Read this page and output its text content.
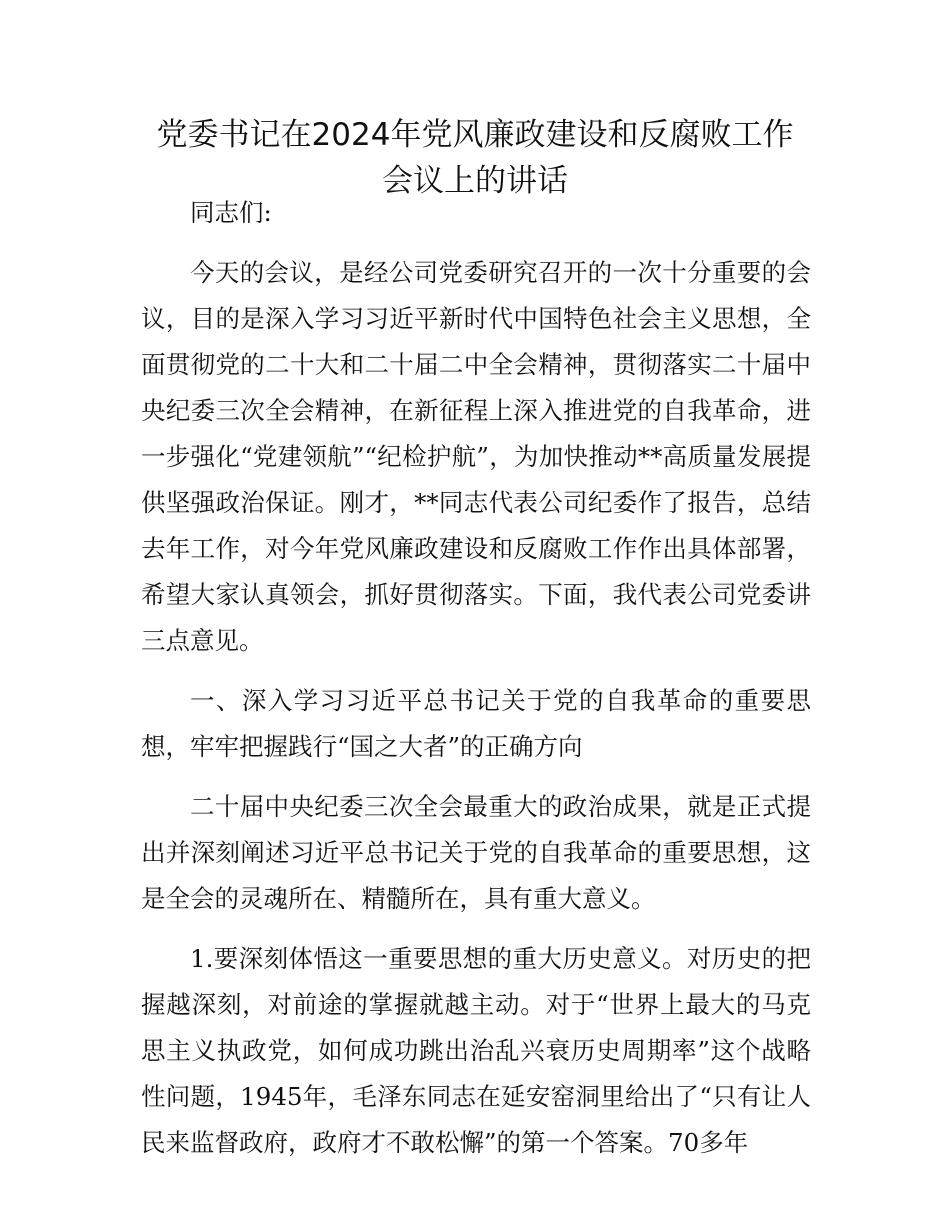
党委书记在2024年党风廉政建设和反腐败工作
会议上的讲话

同志们:

今天的会议，是经公司党委研究召开的一次十分重要的会议，目的是深入学习习近平新时代中国特色社会主义思想，全面贯彻党的二十大和二十届二中全会精神，贯彻落实二十届中央纪委三次全会精神，在新征程上深入推进党的自我革命，进一步强化“党建领航”“纪检护航”，为加快推动**高质量发展提供坚强政治保证。刚才，**同志代表公司纪委作了报告，总结去年工作，对今年党风廉政建设和反腐败工作作出具体部署，希望大家认真领会，抓好贯彻落实。下面，我代表公司党委讲三点意见。

一、深入学习习近平总书记关于党的自我革命的重要思想，牢牢把握践行“国之大者”的正确方向

二十届中央纪委三次全会最重大的政治成果，就是正式提出并深刻阐述习近平总书记关于党的自我革命的重要思想，这是全会的灵魂所在、精髓所在，具有重大意义。

1.要深刻体悟这一重要思想的重大历史意义。对历史的把握越深刻，对前途的掌握就越主动。对于“世界上最大的马克思主义执政党，如何成功跳出治乱兴衰历史周期率”这个战略性问题，1945年，毛泽东同志在延安窑洞里给出了“只有让人民来监督政府，政府才不敢松懈”的第一个答案。70多年
